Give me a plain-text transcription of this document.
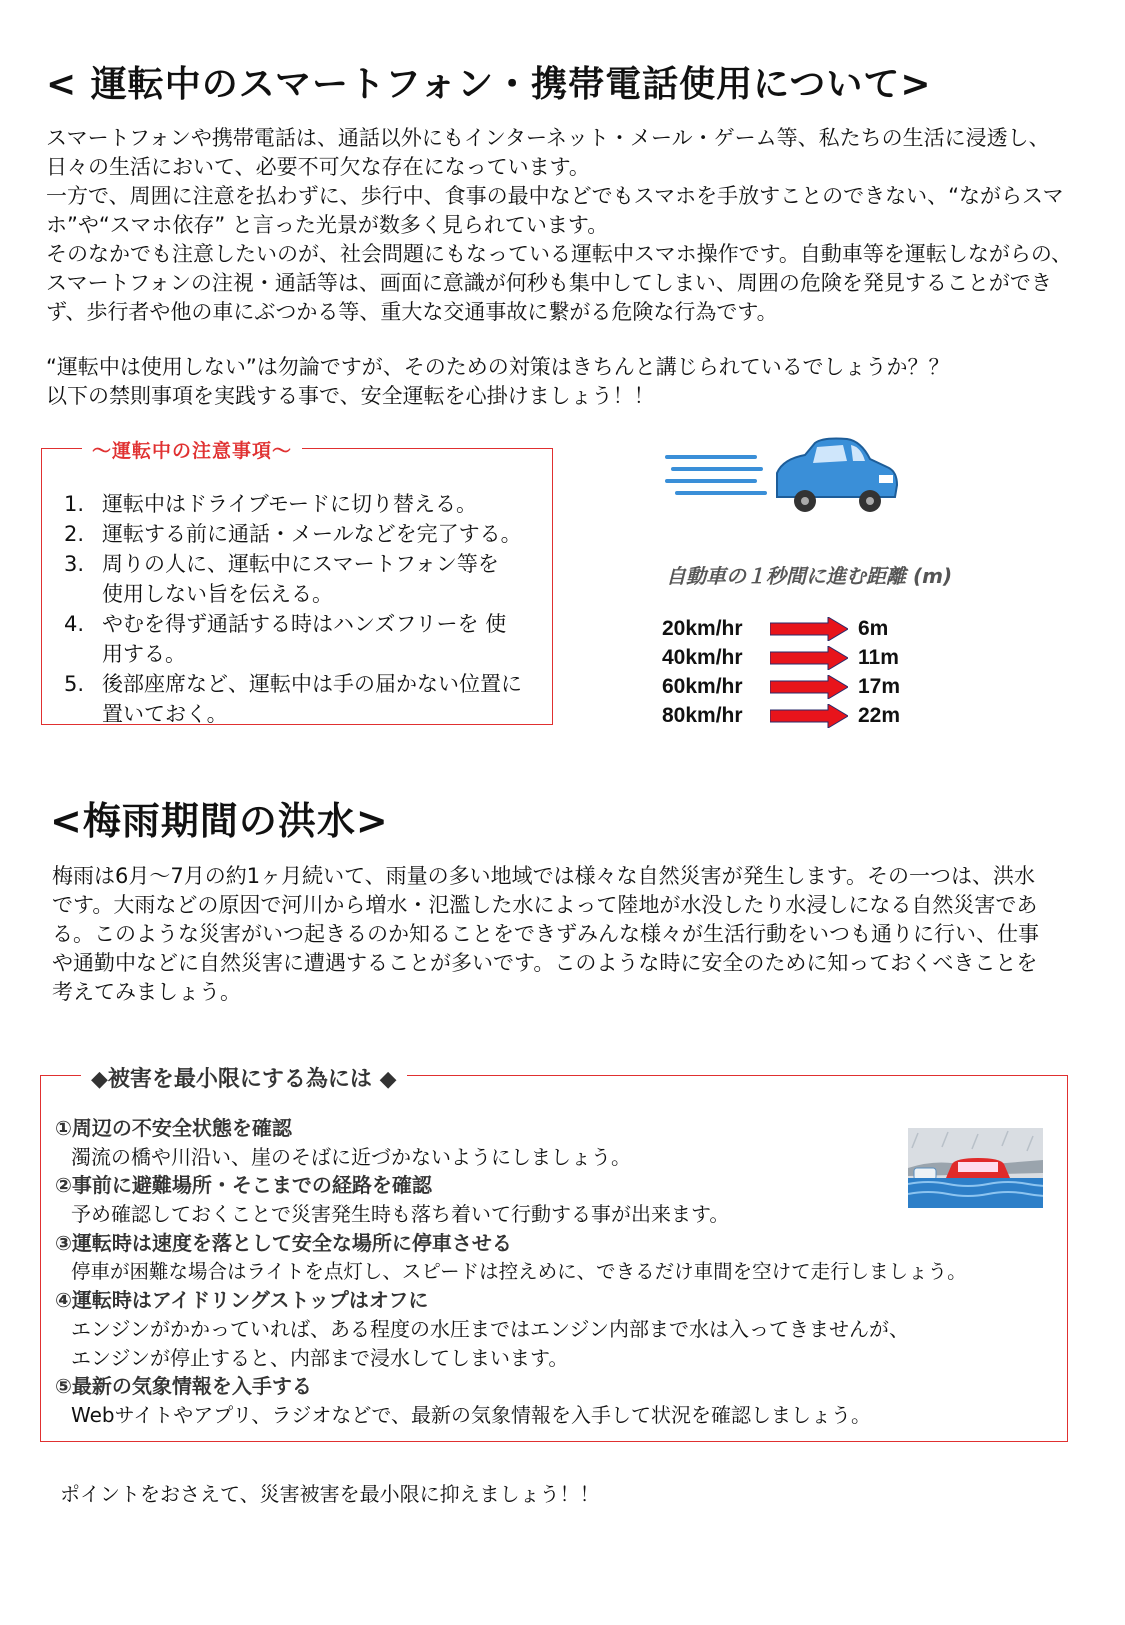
< 運転中のスマートフォン・携帯電話使用について>

スマートフォンや携帯電話は、通話以外にもインターネット・メール・ゲーム等、私たちの生活に浸透し、日々の生活において、必要不可欠な存在になっています。

一方で、周囲に注意を払わずに、歩行中、食事の最中などでもスマホを手放すことのできない、“ながらスマホ”や“スマホ依存” と言った光景が数多く見られています。

そのなかでも注意したいのが、社会問題にもなっている運転中スマホ操作です。自動車等を運転しながらの、スマートフォンの注視・通話等は、画面に意識が何秒も集中してしまい、周囲の危険を発見することができず、歩行者や他の車にぶつかる等、重大な交通事故に繋がる危険な行為です。

“運転中は使用しない”は勿論ですが、そのための対策はきちんと講じられているでしょうか？？

以下の禁則事項を実践する事で、安全運転を心掛けましょう！！

～運転中の注意事項～
1. 運転中はドライブモードに切り替える。
2. 運転する前に通話・メールなどを完了する。
3. 周りの人に、運転中にスマートフォン等を 使用しない旨を伝える。
4. やむを得ず通話する時はハンズフリーを 使用する。
5. 後部座席など、運転中は手の届かない位置に置いておく。
自動車の１秒間に進む距離 (m)
20km/hr	6m
40km/hr	11m
60km/hr	17m
80km/hr	22m
<梅雨期間の洪水>
梅雨は6月～7月の約1ヶ月続いて、雨量の多い地域では様々な自然災害が発生します。その一つは、洪水です。大雨などの原因で河川から増水・氾濫した水によって陸地が水没したり水浸しになる自然災害である。このような災害がいつ起きるのか知ることをできずみんな様々が生活行動をいつも通りに行い、仕事や通勤中などに自然災害に遭遇することが多いです。このような時に安全のために知っておくべきことを考えてみましょう。
◆被害を最小限にする為には ◆
①周辺の不安全状態を確認
濁流の橋や川沿い、崖のそばに近づかないようにしましょう。
②事前に避難場所・そこまでの経路を確認
予め確認しておくことで災害発生時も落ち着いて行動する事が出来ます。
③運転時は速度を落として安全な場所に停車させる
停車が困難な場合はライトを点灯し、スピードは控えめに、できるだけ車間を空けて走行しましょう。
④運転時はアイドリングストップはオフに
エンジンがかかっていれば、ある程度の水圧まではエンジン内部まで水は入ってきませんが、
エンジンが停止すると、内部まで浸水してしまいます。
⑤最新の気象情報を入手する
Webサイトやアプリ、ラジオなどで、最新の気象情報を入手して状況を確認しましょう。
ポイントをおさえて、災害被害を最小限に抑えましょう！！
